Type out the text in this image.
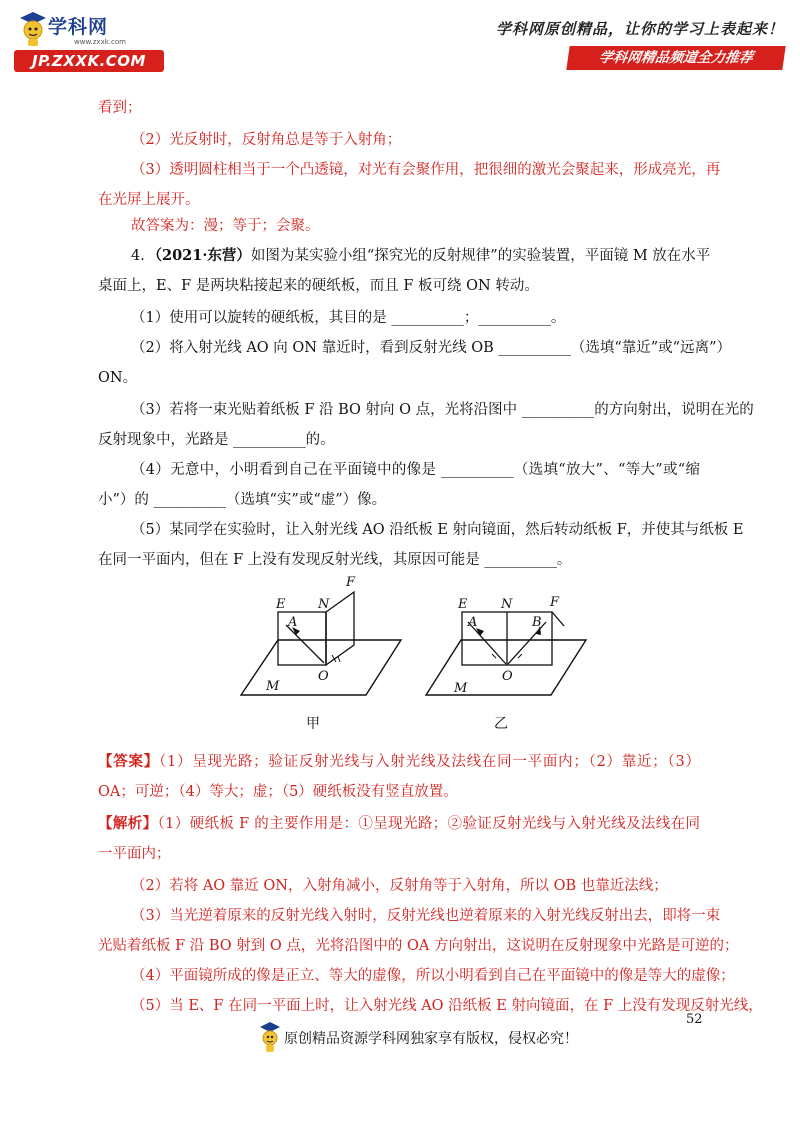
学科网
www.zxxk.com
JP.ZXXK.COM
学科网原创精品，让你的学习上表起来！
学科网精品频道全力推荐
看到；
（2）光反射时，反射角总是等于入射角；
（3）透明圆柱相当于一个凸透镜，对光有会聚作用，把很细的激光会聚起来，形成亮光，再
在光屏上展开。
故答案为：漫；等于；会聚。
4．（2021·东营）如图为某实验小组“探究光的反射规律”的实验装置，平面镜 M 放在水平
桌面上，E、F 是两块粘接起来的硬纸板，而且 F 板可绕 ON 转动。
（1）使用可以旋转的硬纸板，其目的是 __________；__________。
（2）将入射光线 AO 向 ON 靠近时，看到反射光线 OB __________（选填“靠近”或“远离”）
ON。
（3）若将一束光贴着纸板 F 沿 BO 射向 O 点，光将沿图中 __________的方向射出，说明在光的
反射现象中，光路是 __________的。
（4）无意中，小明看到自己在平面镜中的像是 __________（选填“放大”、“等大”或“缩
小”）的 __________（选填“实”或“虚”）像。
（5）某同学在实验时，让入射光线 AO 沿纸板 E 射向镜面，然后转动纸板 F，并使其与纸板 E
在同一平面内，但在 F 上没有发现反射光线，其原因可能是 __________。
E	N
F
A
O
M
甲
E	N	F
A	B
O
M
乙
【答案】（1）呈现光路；验证反射光线与入射光线及法线在同一平面内；（2）靠近；（3）
OA；可逆；（4）等大；虚；（5）硬纸板没有竖直放置。
【解析】（1）硬纸板 F 的主要作用是：①呈现光路；②验证反射光线与入射光线及法线在同
一平面内；
（2）若将 AO 靠近 ON，入射角减小，反射角等于入射角，所以 OB 也靠近法线；
（3）当光逆着原来的反射光线入射时，反射光线也逆着原来的入射光线反射出去，即将一束
光贴着纸板 F 沿 BO 射到 O 点，光将沿图中的 OA 方向射出，这说明在反射现象中光路是可逆的；
（4）平面镜所成的像是正立、等大的虚像，所以小明看到自己在平面镜中的像是等大的虚像；
（5）当 E、F 在同一平面上时，让入射光线 AO 沿纸板 E 射向镜面，在 F 上没有发现反射光线，
52
原创精品资源学科网独家享有版权，侵权必究！
